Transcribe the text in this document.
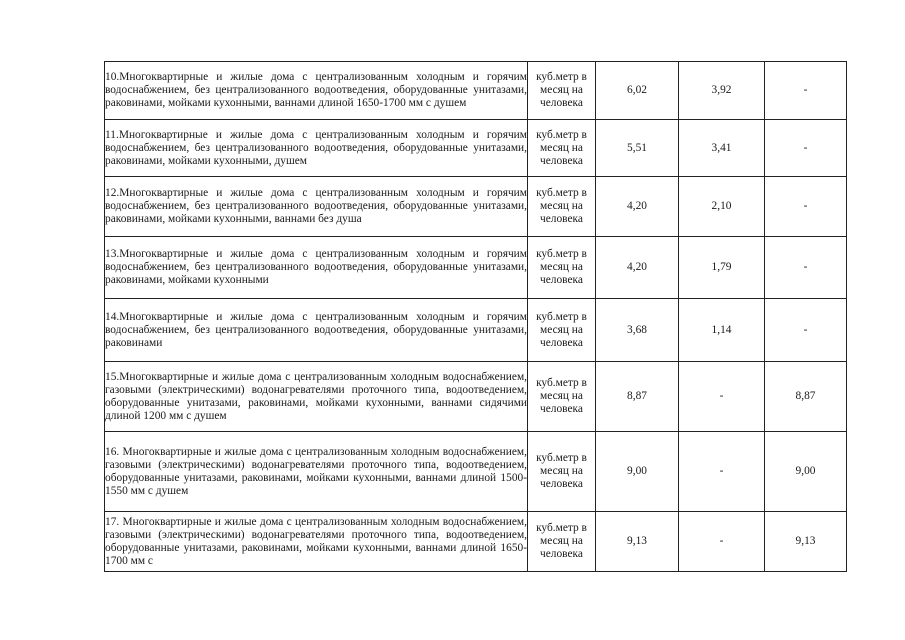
10.Многоквартирные и жилые дома с централизованным холодным и горячим водоснабжением, без централизованного водоотведения, оборудованные унитазами, раковинами, мойками кухонными, ваннами длиной 1650-1700 мм с душем	куб.метр в месяц на человека	6,02	3,92	-
11.Многоквартирные и жилые дома с централизованным холодным и горячим водоснабжением, без централизованного водоотведения, оборудованные унитазами, раковинами, мойками кухонными, душем	куб.метр в месяц на человека	5,51	3,41	-
12.Многоквартирные и жилые дома с централизованным холодным и горячим водоснабжением, без централизованного водоотведения, оборудованные унитазами, раковинами, мойками кухонными, ваннами без душа	куб.метр в месяц на человека	4,20	2,10	-
13.Многоквартирные и жилые дома с централизованным холодным и горячим водоснабжением, без централизованного водоотведения, оборудованные унитазами, раковинами, мойками кухонными	куб.метр в месяц на человека	4,20	1,79	-
14.Многоквартирные и жилые дома с централизованным холодным и горячим водоснабжением, без централизованного водоотведения, оборудованные унитазами, раковинами	куб.метр в месяц на человека	3,68	1,14	-
15.Многоквартирные и жилые дома с централизованным холодным водоснабжением, газовыми (электрическими) водонагревателями проточного типа, водоотведением, оборудованные унитазами, раковинами, мойками кухонными, ваннами сидячими длиной 1200 мм с душем	куб.метр в месяц на человека	8,87	-	8,87
16. Многоквартирные и жилые дома с централизованным холодным водоснабжением, газовыми (электрическими) водонагревателями проточного типа, водоотведением, оборудованные унитазами, раковинами, мойками кухонными, ваннами длиной 1500-1550 мм с душем	куб.метр в месяц на человека	9,00	-	9,00
17. Многоквартирные и жилые дома с централизованным холодным водоснабжением, газовыми (электрическими) водонагревателями проточного типа, водоотведением, оборудованные унитазами, раковинами, мойками кухонными, ваннами длиной 1650-1700 мм с	куб.метр в месяц на человека	9,13	-	9,13
